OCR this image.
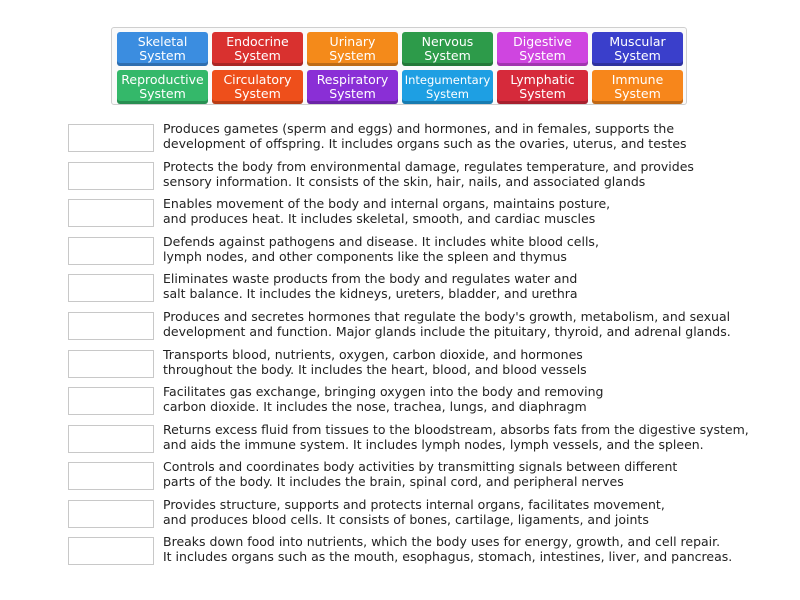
Skeletal
System
Endocrine
System
Urinary
System
Nervous
System
Digestive
System
Muscular
System
Reproductive
System
Circulatory
System
Respiratory
System
Integumentary
System
Lymphatic
System
Immune
System
Produces gametes (sperm and eggs) and hormones, and in females, supports the
development of offspring. It includes organs such as the ovaries, uterus, and testes
Protects the body from environmental damage, regulates temperature, and provides
sensory information. It consists of the skin, hair, nails, and associated glands
Enables movement of the body and internal organs, maintains posture,
and produces heat. It includes skeletal, smooth, and cardiac muscles
Defends against pathogens and disease. It includes white blood cells,
lymph nodes, and other components like the spleen and thymus
Eliminates waste products from the body and regulates water and
salt balance. It includes the kidneys, ureters, bladder, and urethra
Produces and secretes hormones that regulate the body's growth, metabolism, and sexual
development and function. Major glands include the pituitary, thyroid, and adrenal glands.
Transports blood, nutrients, oxygen, carbon dioxide, and hormones
throughout the body. It includes the heart, blood, and blood vessels
Facilitates gas exchange, bringing oxygen into the body and removing
carbon dioxide. It includes the nose, trachea, lungs, and diaphragm
Returns excess fluid from tissues to the bloodstream, absorbs fats from the digestive system,
and aids the immune system. It includes lymph nodes, lymph vessels, and the spleen.
Controls and coordinates body activities by transmitting signals between different
parts of the body. It includes the brain, spinal cord, and peripheral nerves
Provides structure, supports and protects internal organs, facilitates movement,
and produces blood cells. It consists of bones, cartilage, ligaments, and joints
Breaks down food into nutrients, which the body uses for energy, growth, and cell repair.
It includes organs such as the mouth, esophagus, stomach, intestines, liver, and pancreas.
